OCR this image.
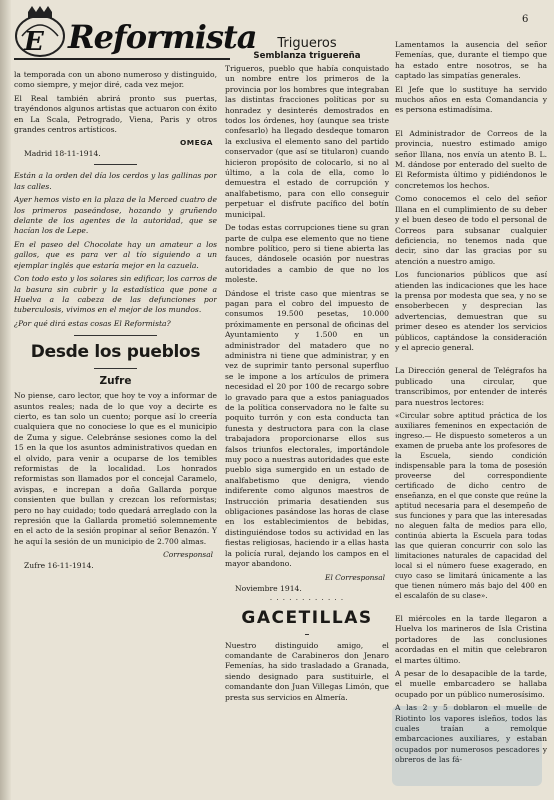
E Reformista	6

la temporada con un abono numeroso y distinguido, como siempre, y mejor diré, cada vez mejor.

El Real también abrirá pronto sus puertas, trayéndonos algunos artistas que actuaron con éxito en La Scala, Petrogrado, Viena, Paris y otros grandes centros artísticos.

OMEGA
Madrid 18-11-1914.

Están a la orden del día los cerdos y las gallinas por las calles.

Ayer hemos visto en la plaza de la Merced cuatro de los primeros paseándose, hozando y gruñendo delante de los agentes de la autoridad, que se hacían los de Lepe.

En el paseo del Chocolate hay un amateur a los gallos, que es para ver al tío siguiendo a un ejemplar inglés que estaría mejor en la cazuela.

Con todo esto y los solares sin edificar, los carros de la basura sin cubrir y la estadística que pone a Huelva a la cabeza de las defunciones por tuberculosis, vivimos en el mejor de los mundos.

¿Por qué dirá estas cosas El Reformista?

Desde los pueblos
Zufre

No piense, caro lector, que hoy te voy a informar de asuntos reales; nada de lo que voy a decirte es cierto, es tan solo un cuento; porque así lo creería cualquiera que no conociese lo que es el municipio de Zuma y sigue. Celebránse sesiones como la del 15 en la que los asuntos administrativos quedan en el olvido, para venir a ocuparse de los temibles reformistas de la localidad. Los honrados reformistas son llamados por el concejal Caramelo, avispas, e increpan a doña Gallarda porque consienten que bullan y crezcan los reformistas; pero no hay cuidado; todo quedará arreglado con la represión que la Gallarda prometió solemnemente en el acto de la sesión propinar al señor Benazón. Y he aquí la sesión de un municipio de 2.700 almas.

Corresponsal
Zufre 16-11-1914.
Trigueros
Semblanza triguereña

Trigueros, pueblo que había conquistado un nombre entre los primeros de la provincia por los hombres que integraban las distintas fracciones políticas por su honradez y desinterés demostrados en todos los órdenes, hoy (aunque sea triste confesarlo) ha llegado desdeque tomaron la exclusiva el elemento sano del partido conservador (que así se titularon) cuando hicieron propósito de colocarlo, si no al último, a la cola de ella, como lo demuestra el estado de corrupción y analfabetismo, para con ello conseguir perpetuar el disfrute pacífico del botín municipal.

De todas estas corrupciones tiene su gran parte de culpa ese elemento que no tiene nombre político, pero si tiene abierta las fauces, dándosele ocasión por nuestras autoridades a cambio de que no los moleste.

Dándose el triste caso que mientras se pagan para el cobro del impuesto de consumos 19.500 pesetas, 10.000 próximamente en personal de oficinas del Ayuntamiento y 1.500 en un administrador del matadero que no administra ni tiene que administrar, y en vez de suprimir tanto personal superfluo se le impone a los artículos de primera necesidad el 20 por 100 de recargo sobre lo gravado para que a estos paniaguados de la política conservadora no le falte su poquito turrón y con esta conducta tan funesta y destructora para con la clase trabajadora proporcionarse ellos sus falsos triunfos electorales, importándole muy poco a nuestras autoridades que este pueblo siga sumergido en un estado de analfabetismo que denigra, viendo indiferente como algunos maestros de Instrucción primaria desatienden sus obligaciones pasándose las horas de clase en los establecimientos de bebidas, distinguiéndose todos su actividad en las fiestas religiosas, haciendo ir a ellas hasta la policía rural, dejando los campos en el mayor abandono.

El Corresponsal
Noviembre 1914.
· · · · · · · · · · · ·
GACETILLAS

Nuestro distinguido amigo, el comandante de Carabineros don Jenaro Femenías, ha sido trasladado a Granada, siendo designado para sustituirle, el comandante don Juan Villegas Limón, que presta sus servicios en Almería.

Lamentamos la ausencia del señor Femenías, que, durante el tiempo que ha estado entre nosotros, se ha captado las simpatías generales.

El Jefe que lo sustituye ha servido muchos años en esta Comandancia y es persona estimadísima.

El Administrador de Correos de la provincia, nuestro estimado amigo señor Illana, nos envía un atento B. L. M. dándose por enterado del suelto de El Reformista último y pidiéndonos le concretemos los hechos.

Como conocemos el celo del señor Illana en el cumplimiento de su deber y el buen deseo de todo el personal de Correos para subsanar cualquier deficiencia, no tenemos nada que decir, sino dar las gracias por su atención a nuestro amigo.

Los funcionarios públicos que así atienden las indicaciones que les hace la prensa por modesta que sea, y no se ensoberbecen y desprecian las advertencias, demuestran que su primer deseo es atender los servicios públicos, captándose la consideración y el aprecio general.

La Dirección general de Telégrafos ha publicado una circular, que transcribimos, por entender de interés para nuestros lectores:

«Circular sobre aptitud práctica de los auxiliares femeninos en expectación de ingreso.— He dispuesto someteros a un examen de prueba ante los profesores de la Escuela, siendo condición indispensable para la toma de posesión proveerse del correspondiente certificado de dicho centro de enseñanza, en el que conste que reúne la aptitud necesaria para el desempeño de sus funciones y para que las interesadas no aleguen falta de medios para ello, continúa abierta la Escuela para todas las que quieran concurrir con solo las limitaciones naturales de capacidad del local si el número fuese exagerado, en cuyo caso se limitará únicamente a las que tienen número más bajo del 400 en el escalafón de su clase».

El miércoles en la tarde llegaron a Huelva los marineros de Isla Cristina portadores de las conclusiones acordadas en el mitin que celebraron el martes último.

A pesar de lo desapacible de la tarde, el muelle embarcadero se hallaba ocupado por un público numerosísimo.

A las 2 y 5 doblaron el muelle de Riotinto los vapores isleños, todos las cuales traían a remolque embarcaciones auxiliares, y estaban ocupados por numerosos pescadores y obreros de las fá-
